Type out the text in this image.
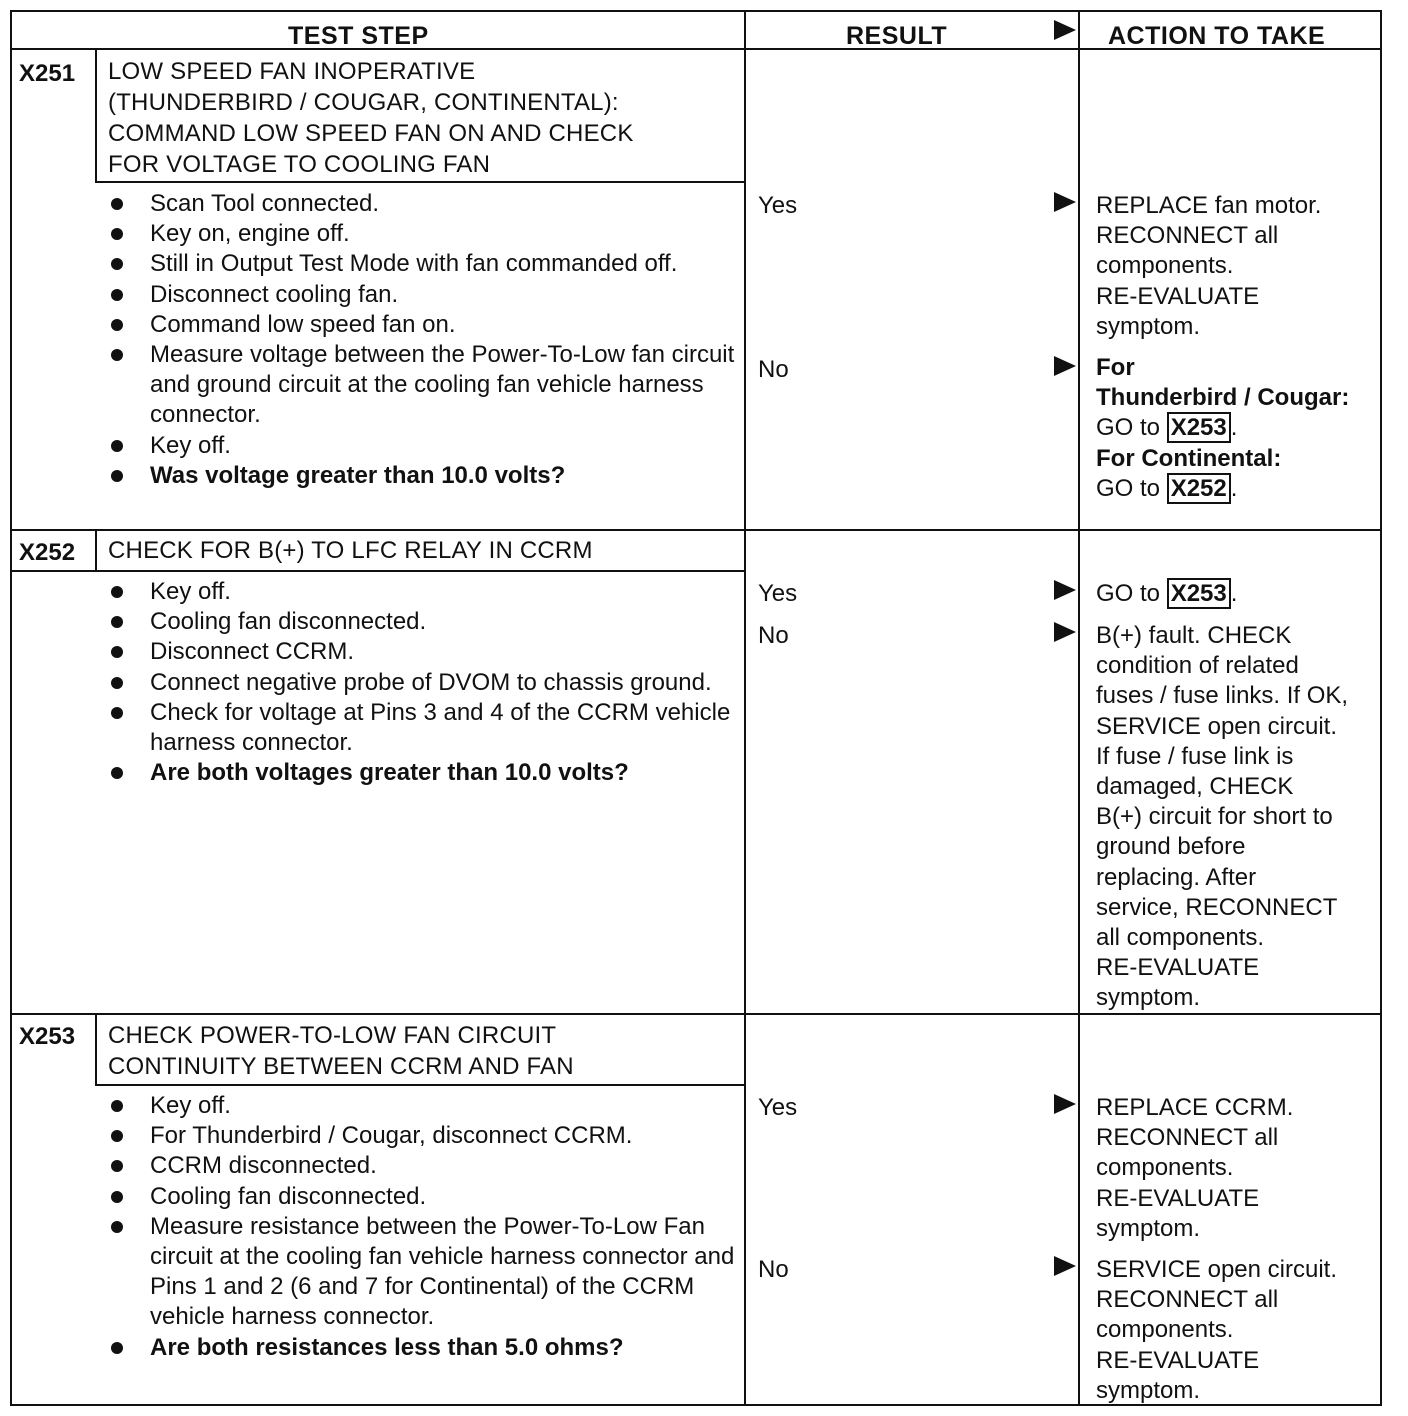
TEST STEP	RESULT	ACTION TO TAKE
X251 LOW SPEED FAN INOPERATIVE
(THUNDERBIRD / COUGAR, CONTINENTAL):
COMMAND LOW SPEED FAN ON AND CHECK
FOR VOLTAGE TO COOLING FAN
Scan Tool connected.
Key on, engine off.
Still in Output Test Mode with fan commanded off.
Disconnect cooling fan.
Command low speed fan on.
Measure voltage between the Power-To-Low fan circuit and ground circuit at the cooling fan vehicle harness connector.
Key off.
Was voltage greater than 10.0 volts?
Yes	REPLACE fan motor.
RECONNECT all
components.
RE-EVALUATE
symptom.
No	For
Thunderbird / Cougar:
GO to X253 .
For Continental:
GO to X252 .
X252 CHECK FOR B(+) TO LFC RELAY IN CCRM
Key off.
Cooling fan disconnected.
Disconnect CCRM.
Connect negative probe of DVOM to chassis ground.
Check for voltage at Pins 3 and 4 of the CCRM vehicle harness connector.
Are both voltages greater than 10.0 volts?
Yes	GO to X253 .
No	B(+) fault. CHECK
condition of related
fuses / fuse links. If OK,
SERVICE open circuit.
If fuse / fuse link is
damaged, CHECK
B(+) circuit for short to
ground before
replacing. After
service, RECONNECT
all components.
RE-EVALUATE
symptom.
X253 CHECK POWER-TO-LOW FAN CIRCUIT
CONTINUITY BETWEEN CCRM AND FAN
Key off.
For Thunderbird / Cougar, disconnect CCRM.
CCRM disconnected.
Cooling fan disconnected.
Measure resistance between the Power-To-Low Fan circuit at the cooling fan vehicle harness connector and Pins 1 and 2 (6 and 7 for Continental) of the CCRM vehicle harness connector.
Are both resistances less than 5.0 ohms?
Yes	REPLACE CCRM.
RECONNECT all
components.
RE-EVALUATE
symptom.
No	SERVICE open circuit.
RECONNECT all
components.
RE-EVALUATE
symptom.
